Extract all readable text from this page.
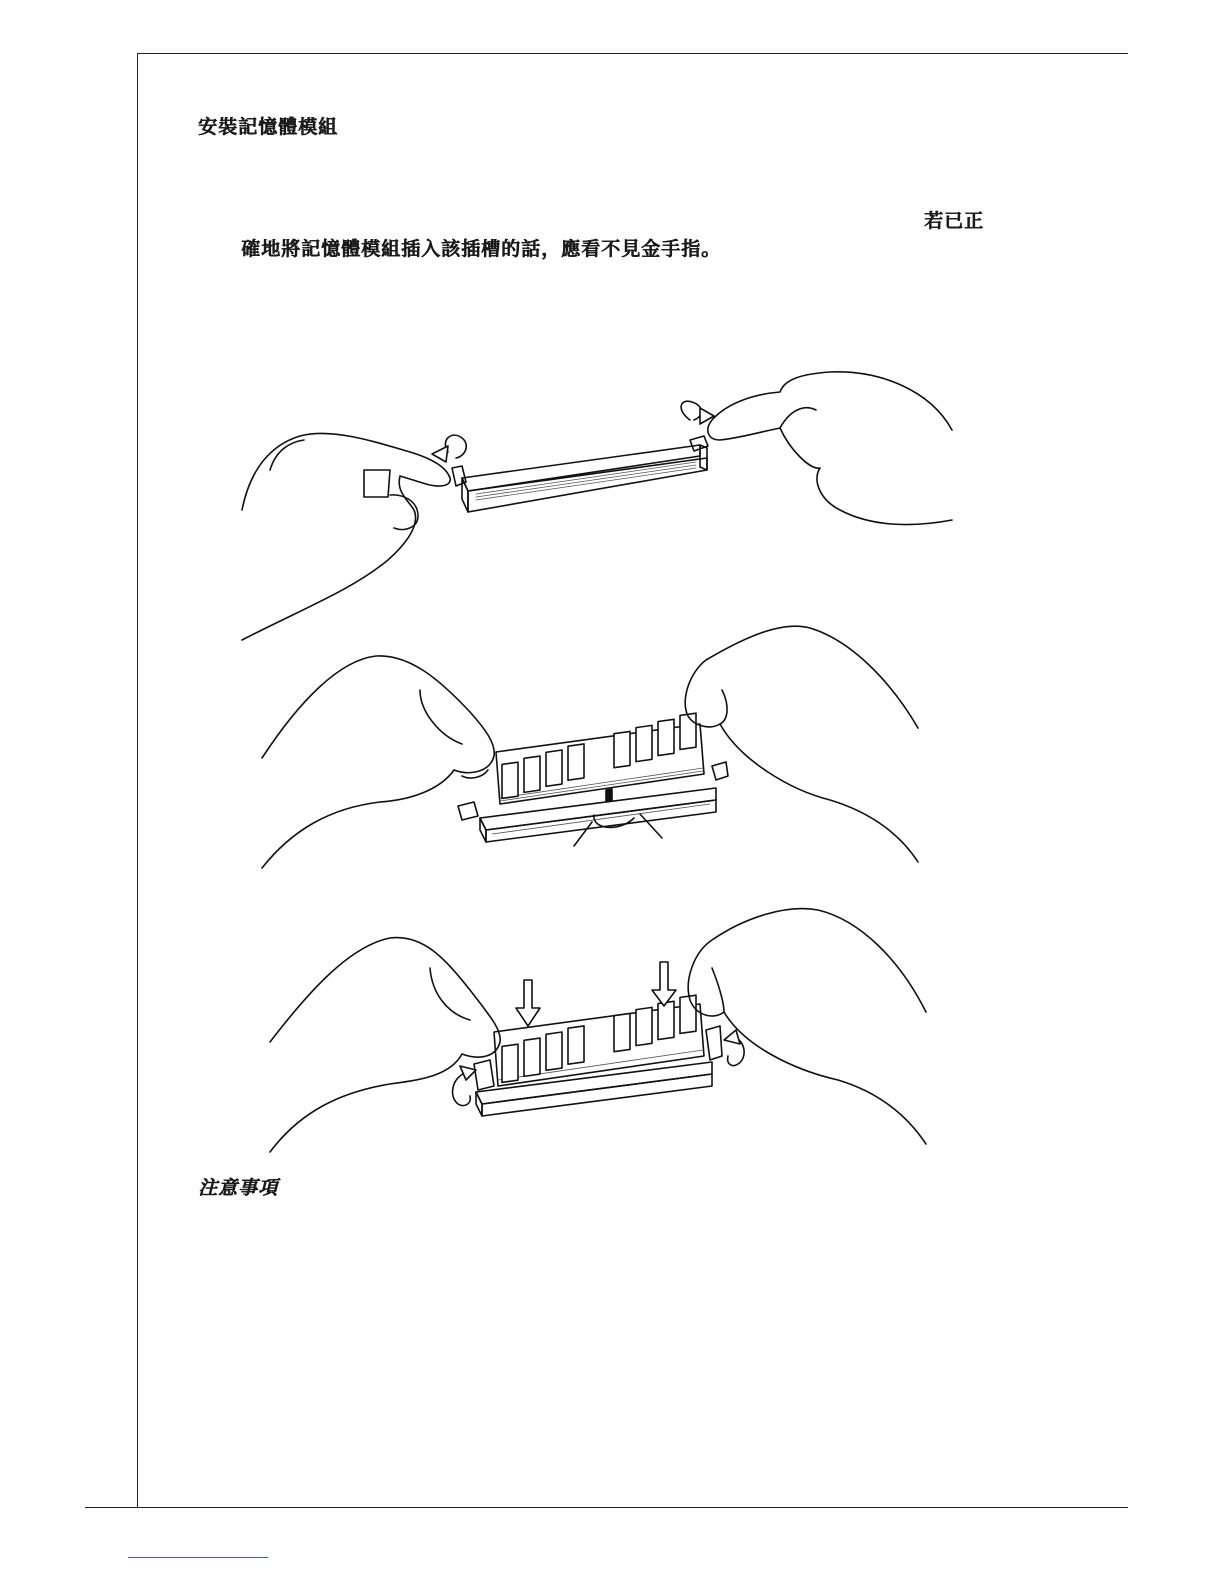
安裝記憶體模組
若已正
確地將記憶體模組插入該插槽的話，應看不見金手指。
注意事項
